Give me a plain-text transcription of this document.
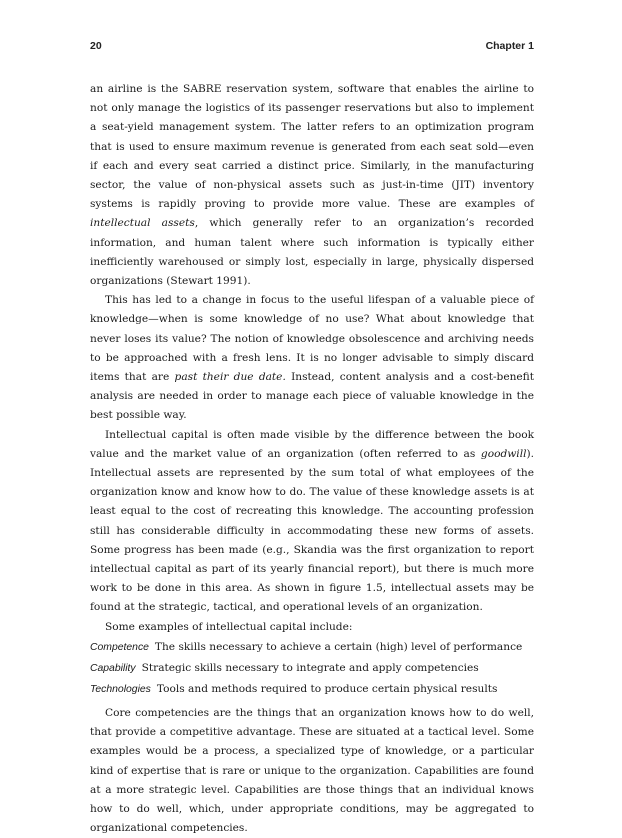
20	Chapter 1

an airline is the SABRE reservation system, software that enables the airline to not only manage the logistics of its passenger reservations but also to implement a seat-yield management system. The latter refers to an optimization program that is used to ensure maximum revenue is generated from each seat sold—even if each and every seat carried a distinct price. Similarly, in the manufacturing sector, the value of non-physical assets such as just-in-time (JIT) inventory systems is rapidly proving to provide more value. These are examples of intellectual assets, which generally refer to an organization’s recorded information, and human talent where such information is typically either inefficiently warehoused or simply lost, especially in large, physically dispersed organizations (Stewart 1991).

This has led to a change in focus to the useful lifespan of a valuable piece of knowledge—when is some knowledge of no use? What about knowledge that never loses its value? The notion of knowledge obsolescence and archiving needs to be approached with a fresh lens. It is no longer advisable to simply discard items that are past their due date. Instead, content analysis and a cost-benefit analysis are needed in order to manage each piece of valuable knowledge in the best possible way.

Intellectual capital is often made visible by the difference between the book value and the market value of an organization (often referred to as goodwill). Intellectual assets are represented by the sum total of what employees of the organization know and know how to do. The value of these knowledge assets is at least equal to the cost of recreating this knowledge. The accounting profession still has considerable difficulty in accommodating these new forms of assets. Some progress has been made (e.g., Skandia was the first organization to report intellectual capital as part of its yearly financial report), but there is much more work to be done in this area. As shown in figure 1.5, intellectual assets may be found at the strategic, tactical, and operational levels of an organization.

Some examples of intellectual capital include:

Competence The skills necessary to achieve a certain (high) level of performance

Capability Strategic skills necessary to integrate and apply competencies

Technologies Tools and methods required to produce certain physical results

Core competencies are the things that an organization knows how to do well, that provide a competitive advantage. These are situated at a tactical level. Some examples would be a process, a specialized type of knowledge, or a particular kind of expertise that is rare or unique to the organization. Capabilities are found at a more strategic level. Capabilities are those things that an individual knows how to do well, which, under appropriate conditions, may be aggregated to organizational competencies.
